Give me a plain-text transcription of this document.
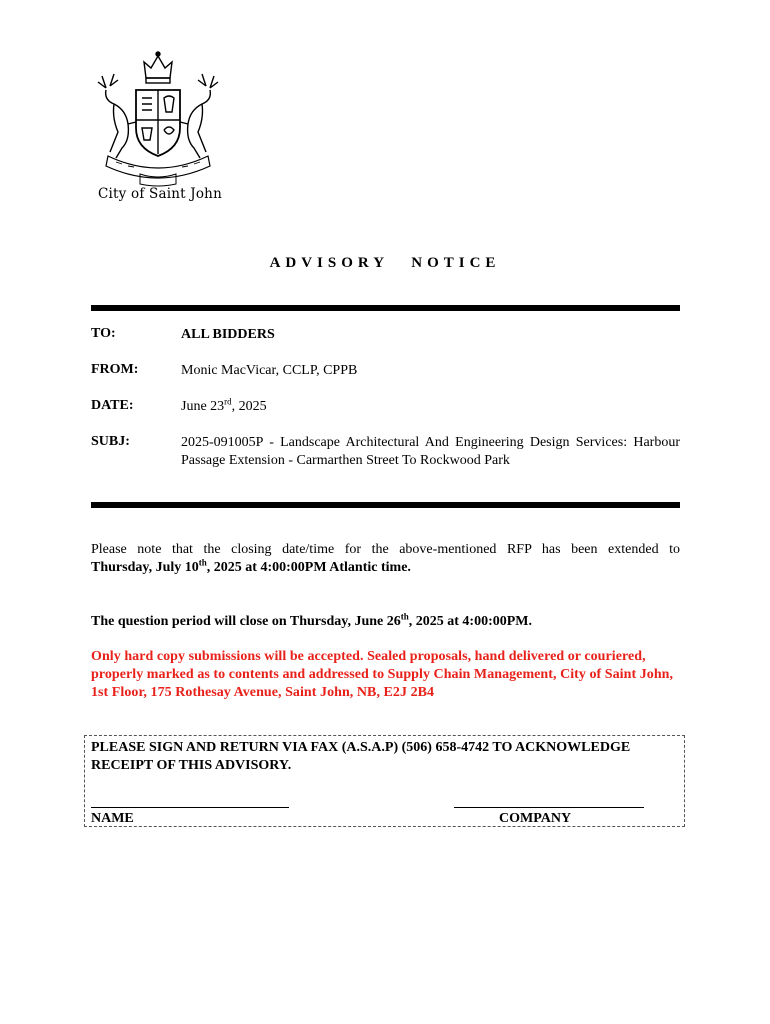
City of Saint John
ADVISORY NOTICE
TO:	ALL BIDDERS
FROM:	Monic MacVicar, CCLP, CPPB
DATE:	June 23rd, 2025
SUBJ:	2025-091005P - Landscape Architectural And Engineering Design Services: Harbour Passage Extension - Carmarthen Street To Rockwood Park
Please note that the closing date/time for the above-mentioned RFP has been extended to
Thursday, July 10th, 2025 at 4:00:00PM Atlantic time.
The question period will close on Thursday, June 26th, 2025 at 4:00:00PM.
Only hard copy submissions will be accepted. Sealed proposals, hand delivered or couriered, properly marked as to contents and addressed to Supply Chain Management, City of Saint John, 1st Floor, 175 Rothesay Avenue, Saint John, NB, E2J 2B4
PLEASE SIGN AND RETURN VIA FAX (A.S.A.P) (506) 658-4742 TO ACKNOWLEDGE RECEIPT OF THIS ADVISORY.
NAME	COMPANY
